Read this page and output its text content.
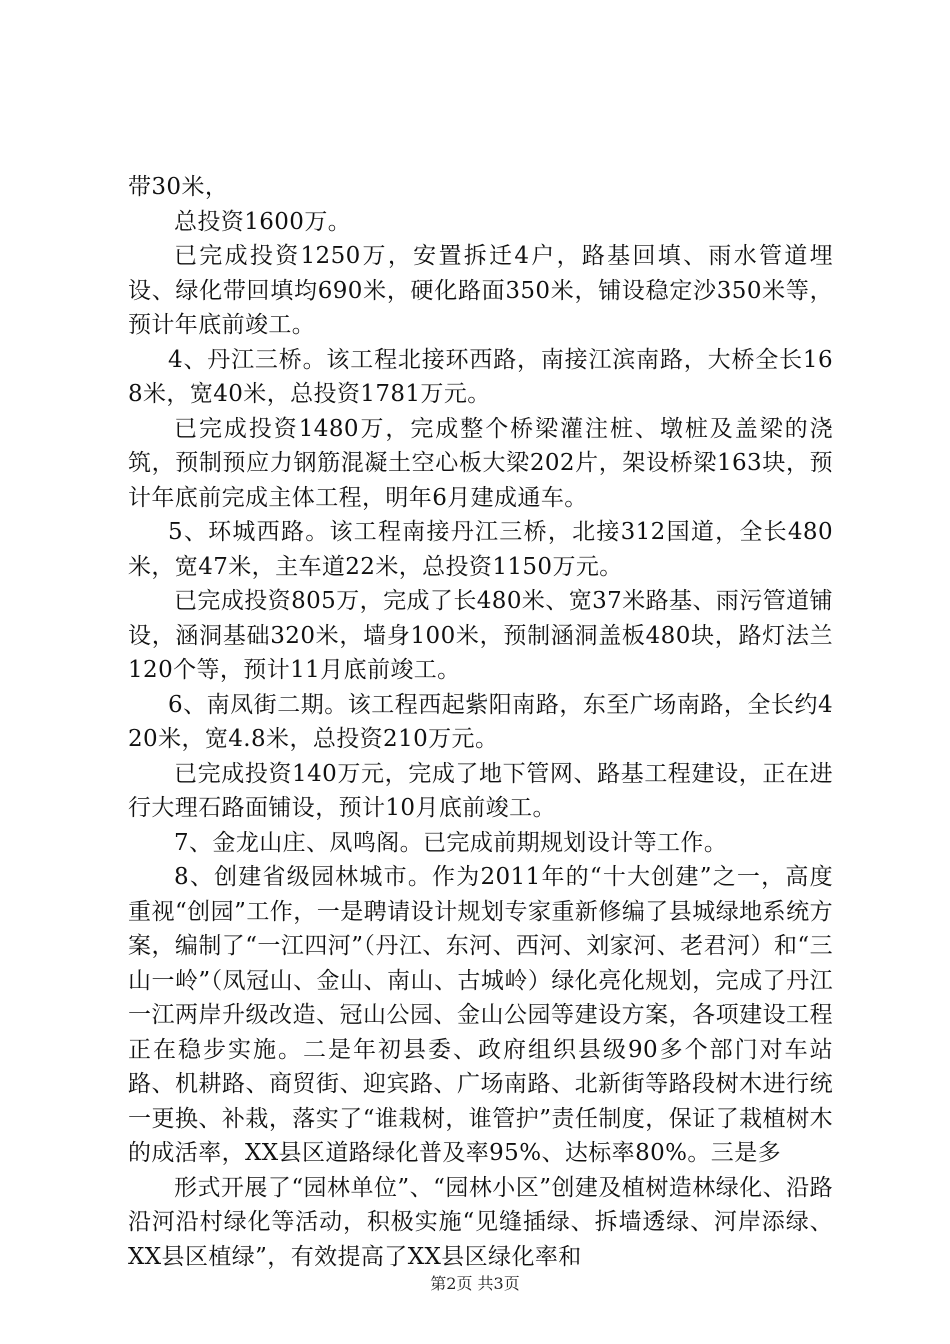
带30米，

总投资1600万。

已完成投资1250万，安置拆迁4户，路基回填、雨水管道埋设、绿化带回填均690米，硬化路面350米，铺设稳定沙350米等，预计年底前竣工。

4、丹江三桥。该工程北接环西路，南接江滨南路，大桥全长168米，宽40米，总投资1781万元。

已完成投资1480万，完成整个桥梁灌注桩、墩桩及盖梁的浇筑，预制预应力钢筋混凝土空心板大梁202片，架设桥梁163块，预计年底前完成主体工程，明年6月建成通车。

5、环城西路。该工程南接丹江三桥，北接312国道，全长480米，宽47米，主车道22米，总投资1150万元。

已完成投资805万，完成了长480米、宽37米路基、雨污管道铺设，涵洞基础320米，墙身100米，预制涵洞盖板480块，路灯法兰120个等，预计11月底前竣工。

6、南凤街二期。该工程西起紫阳南路，东至广场南路，全长约420米，宽4.8米，总投资210万元。

已完成投资140万元，完成了地下管网、路基工程建设，正在进行大理石路面铺设，预计10月底前竣工。

7、金龙山庄、凤鸣阁。已完成前期规划设计等工作。

8、创建省级园林城市。作为2011年的“十大创建”之一，高度重视“创园”工作，一是聘请设计规划专家重新修编了县城绿地系统方案，编制了“一江四河”（丹江、东河、西河、刘家河、老君河）和“三山一岭”（凤冠山、金山、南山、古城岭）绿化亮化规划，完成了丹江一江两岸升级改造、冠山公园、金山公园等建设方案，各项建设工程正在稳步实施。二是年初县委、政府组织县级90多个部门对车站路、机耕路、商贸街、迎宾路、广场南路、北新街等路段树木进行统一更换、补栽，落实了“谁栽树，谁管护”责任制度，保证了栽植树木的成活率，XX县区道路绿化普及率95%、达标率80%。三是多

形式开展了“园林单位”、“园林小区”创建及植树造林绿化、沿路沿河沿村绿化等活动，积极实施“见缝插绿、拆墙透绿、河岸添绿、XX县区植绿”，有效提高了XX县区绿化率和

第2页 共3页
